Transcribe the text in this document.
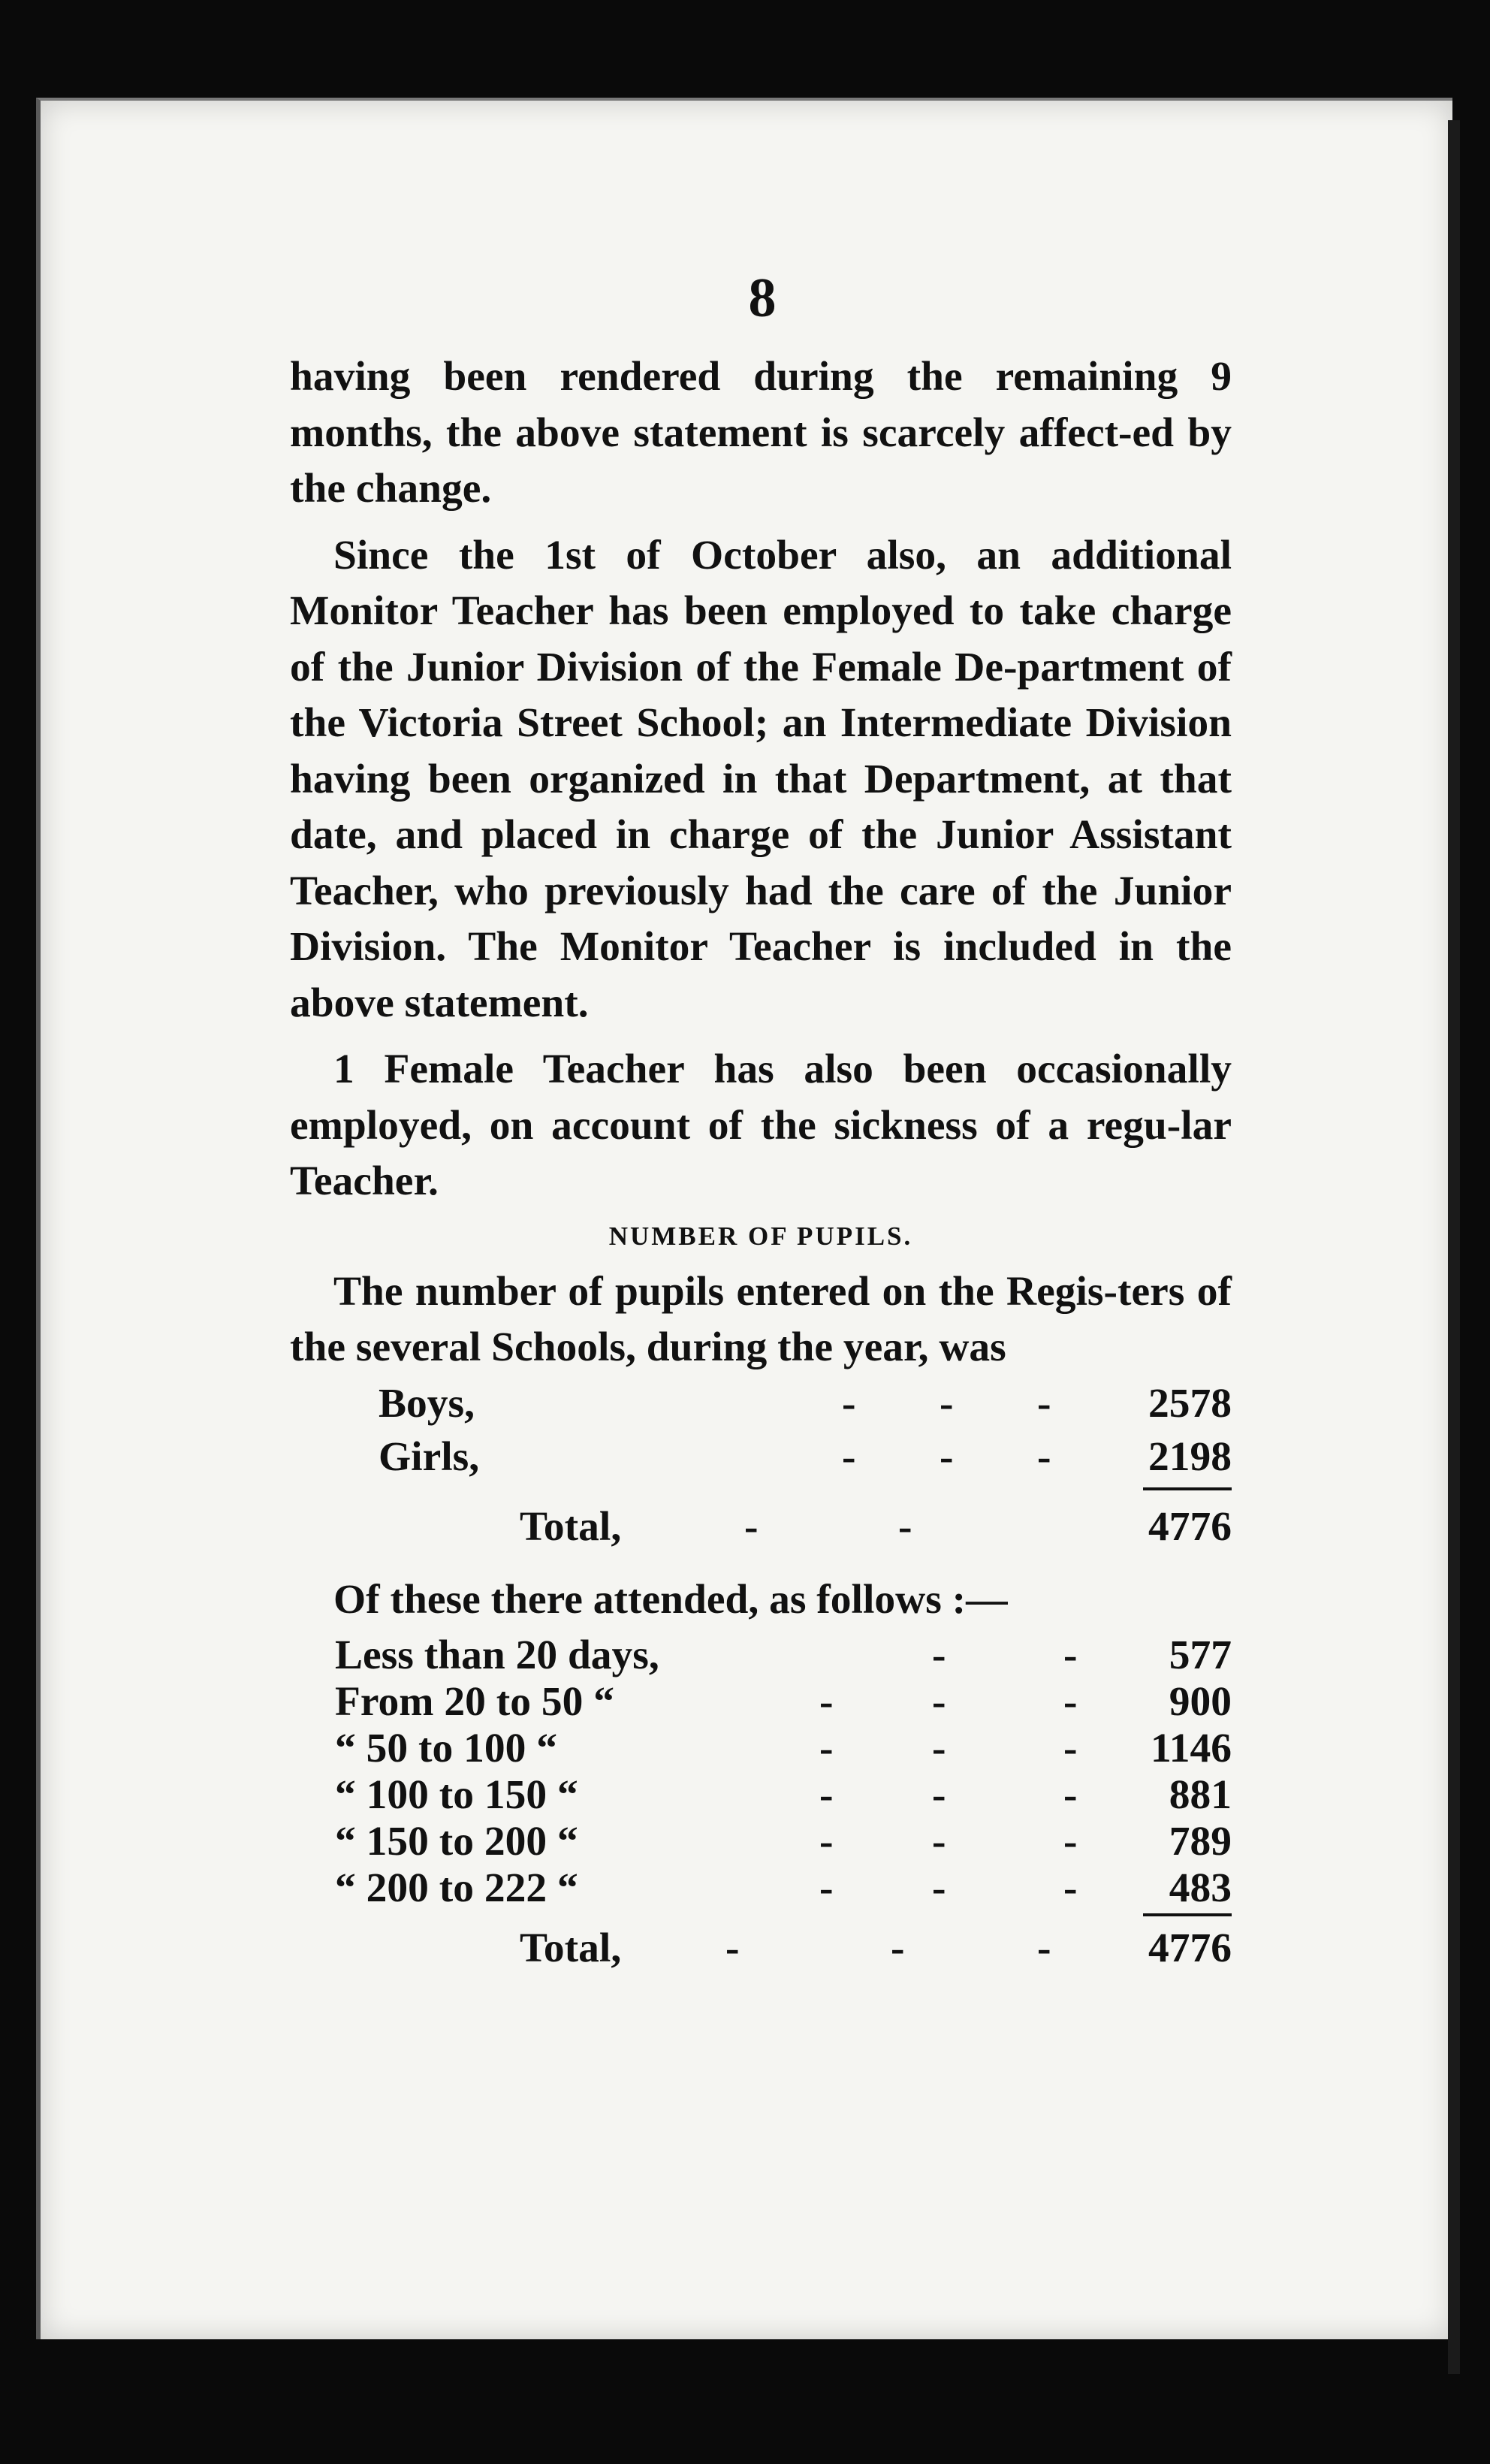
8

having been rendered during the remaining 9 months, the above statement is scarcely affect-ed by the change.

Since the 1st of October also, an additional Monitor Teacher has been employed to take charge of the Junior Division of the Female De-partment of the Victoria Street School; an Intermediate Division having been organized in that Department, at that date, and placed in charge of the Junior Assistant Teacher, who previously had the care of the Junior Division. The Monitor Teacher is included in the above statement.

1 Female Teacher has also been occasionally employed, on account of the sickness of a regu-lar Teacher.

NUMBER OF PUPILS.

The number of pupils entered on the Regis-ters of the several Schools, during the year, was

Boys,	- - - 2578
Girls,	- - - 2198
Total,	-	-	4776

Of these there attended, as follows :—

Less than 20 days,	-	- 577
From 20 to 50 “	- -	- 900
“ 50 to 100 “	- -	- 1146
“ 100 to 150 “	- -	- 881
“ 150 to 200 “	- -	- 789
“ 200 to 222 “	- -	- 483
Total,	-	-	- 4776
